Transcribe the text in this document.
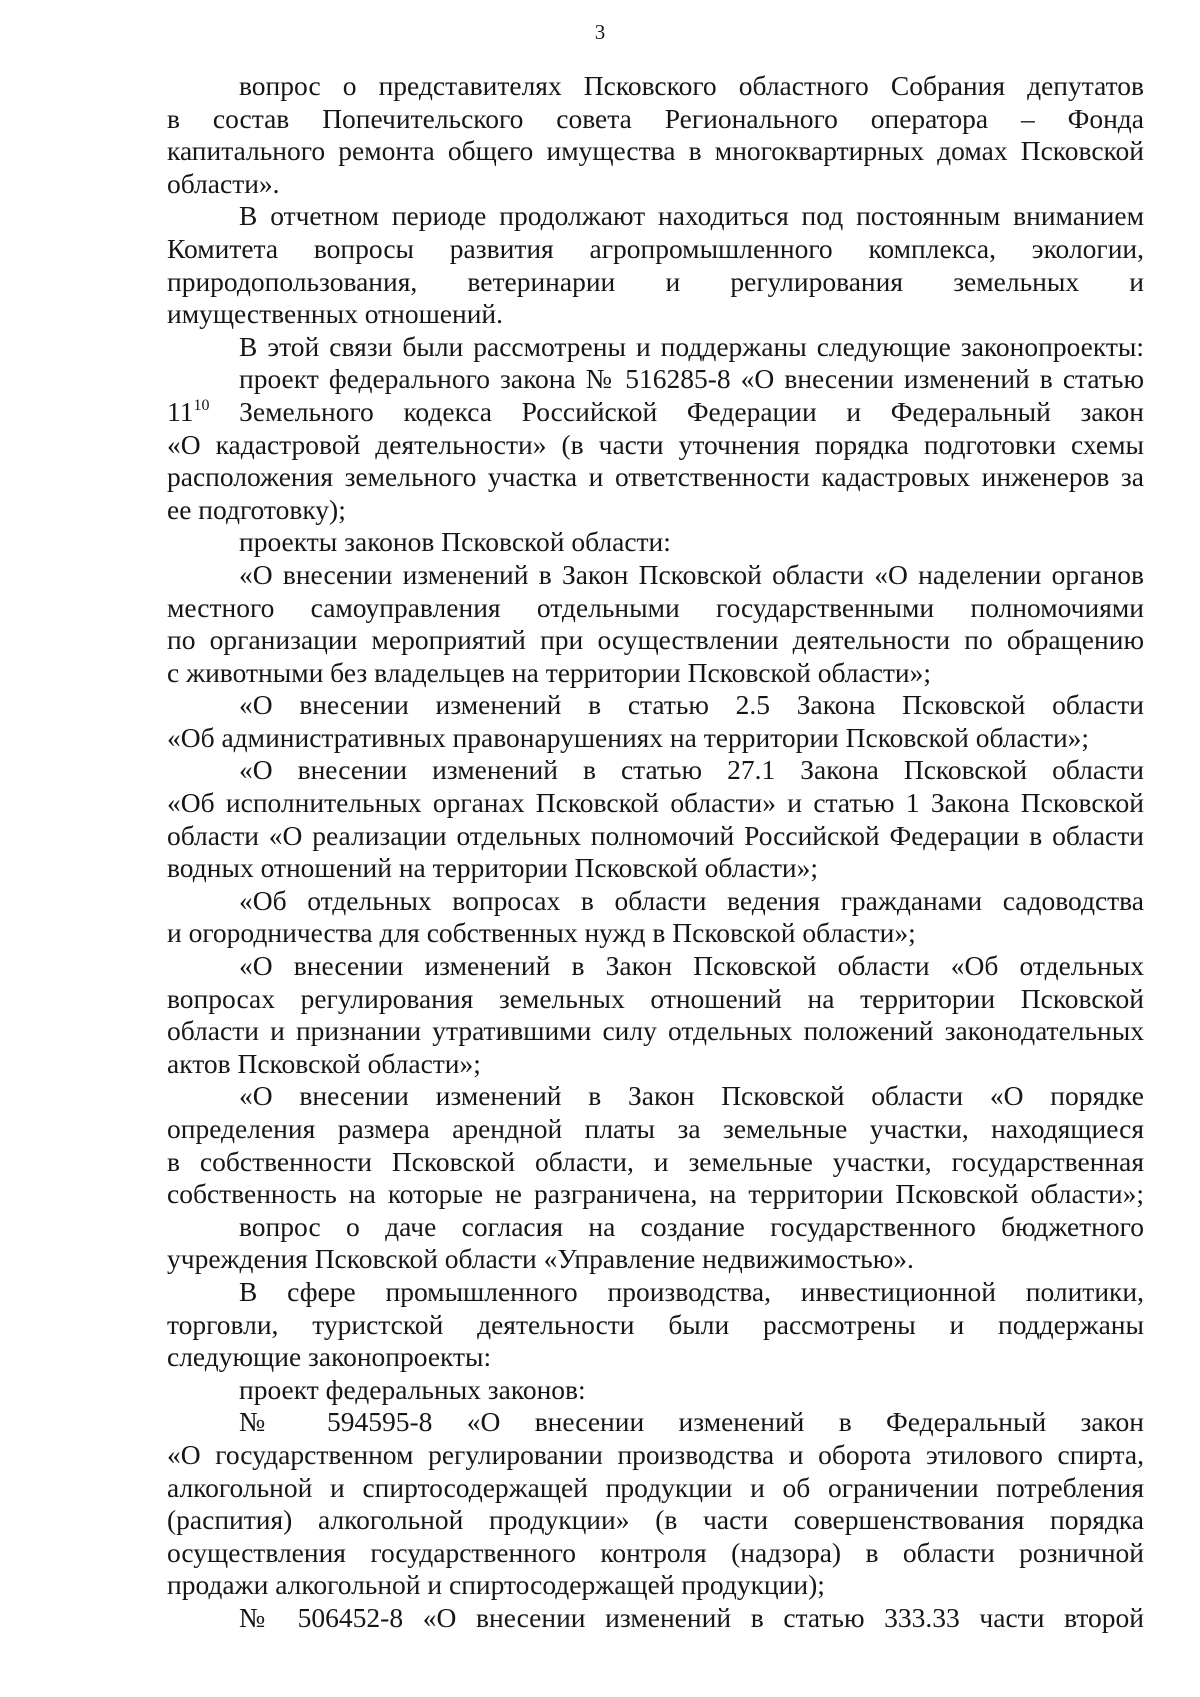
3
вопрос о представителях Псковского областного Собрания депутатов
в состав Попечительского совета Регионального оператора – Фонда
капитального ремонта общего имущества в многоквартирных домах Псковской
области».
В отчетном периоде продолжают находиться под постоянным вниманием
Комитета вопросы развития агропромышленного комплекса, экологии,
природопользования, ветеринарии и регулирования земельных и
имущественных отношений.
В этой связи были рассмотрены и поддержаны следующие законопроекты:
проект федерального закона № 516285-8 «О внесении изменений в статью
$11^{10}$ Земельного кодекса Российской Федерации и Федеральный закон
«О кадастровой деятельности» (в части уточнения порядка подготовки схемы
расположения земельного участка и ответственности кадастровых инженеров за
ее подготовку);
проекты законов Псковской области:
«О внесении изменений в Закон Псковской области «О наделении органов
местного самоуправления отдельными государственными полномочиями
по организации мероприятий при осуществлении деятельности по обращению
с животными без владельцев на территории Псковской области»;
«О внесении изменений в статью 2.5 Закона Псковской области
«Об административных правонарушениях на территории Псковской области»;
«О внесении изменений в статью 27.1 Закона Псковской области
«Об исполнительных органах Псковской области» и статью 1 Закона Псковской
области «О реализации отдельных полномочий Российской Федерации в области
водных отношений на территории Псковской области»;
«Об отдельных вопросах в области ведения гражданами садоводства
и огородничества для собственных нужд в Псковской области»;
«О внесении изменений в Закон Псковской области «Об отдельных
вопросах регулирования земельных отношений на территории Псковской
области и признании утратившими силу отдельных положений законодательных
актов Псковской области»;
«О внесении изменений в Закон Псковской области «О порядке
определения размера арендной платы за земельные участки, находящиеся
в собственности Псковской области, и земельные участки, государственная
собственность на которые не разграничена, на территории Псковской области»;
вопрос о даче согласия на создание государственного бюджетного
учреждения Псковской области «Управление недвижимостью».
В сфере промышленного производства, инвестиционной политики,
торговли, туристской деятельности были рассмотрены и поддержаны
следующие законопроекты:
проект федеральных законов:
№ 594595-8 «О внесении изменений в Федеральный закон
«О государственном регулировании производства и оборота этилового спирта,
алкогольной и спиртосодержащей продукции и об ограничении потребления
(распития) алкогольной продукции» (в части совершенствования порядка
осуществления государственного контроля (надзора) в области розничной
продажи алкогольной и спиртосодержащей продукции);
№ 506452-8 «О внесении изменений в статью 333.33 части второй
